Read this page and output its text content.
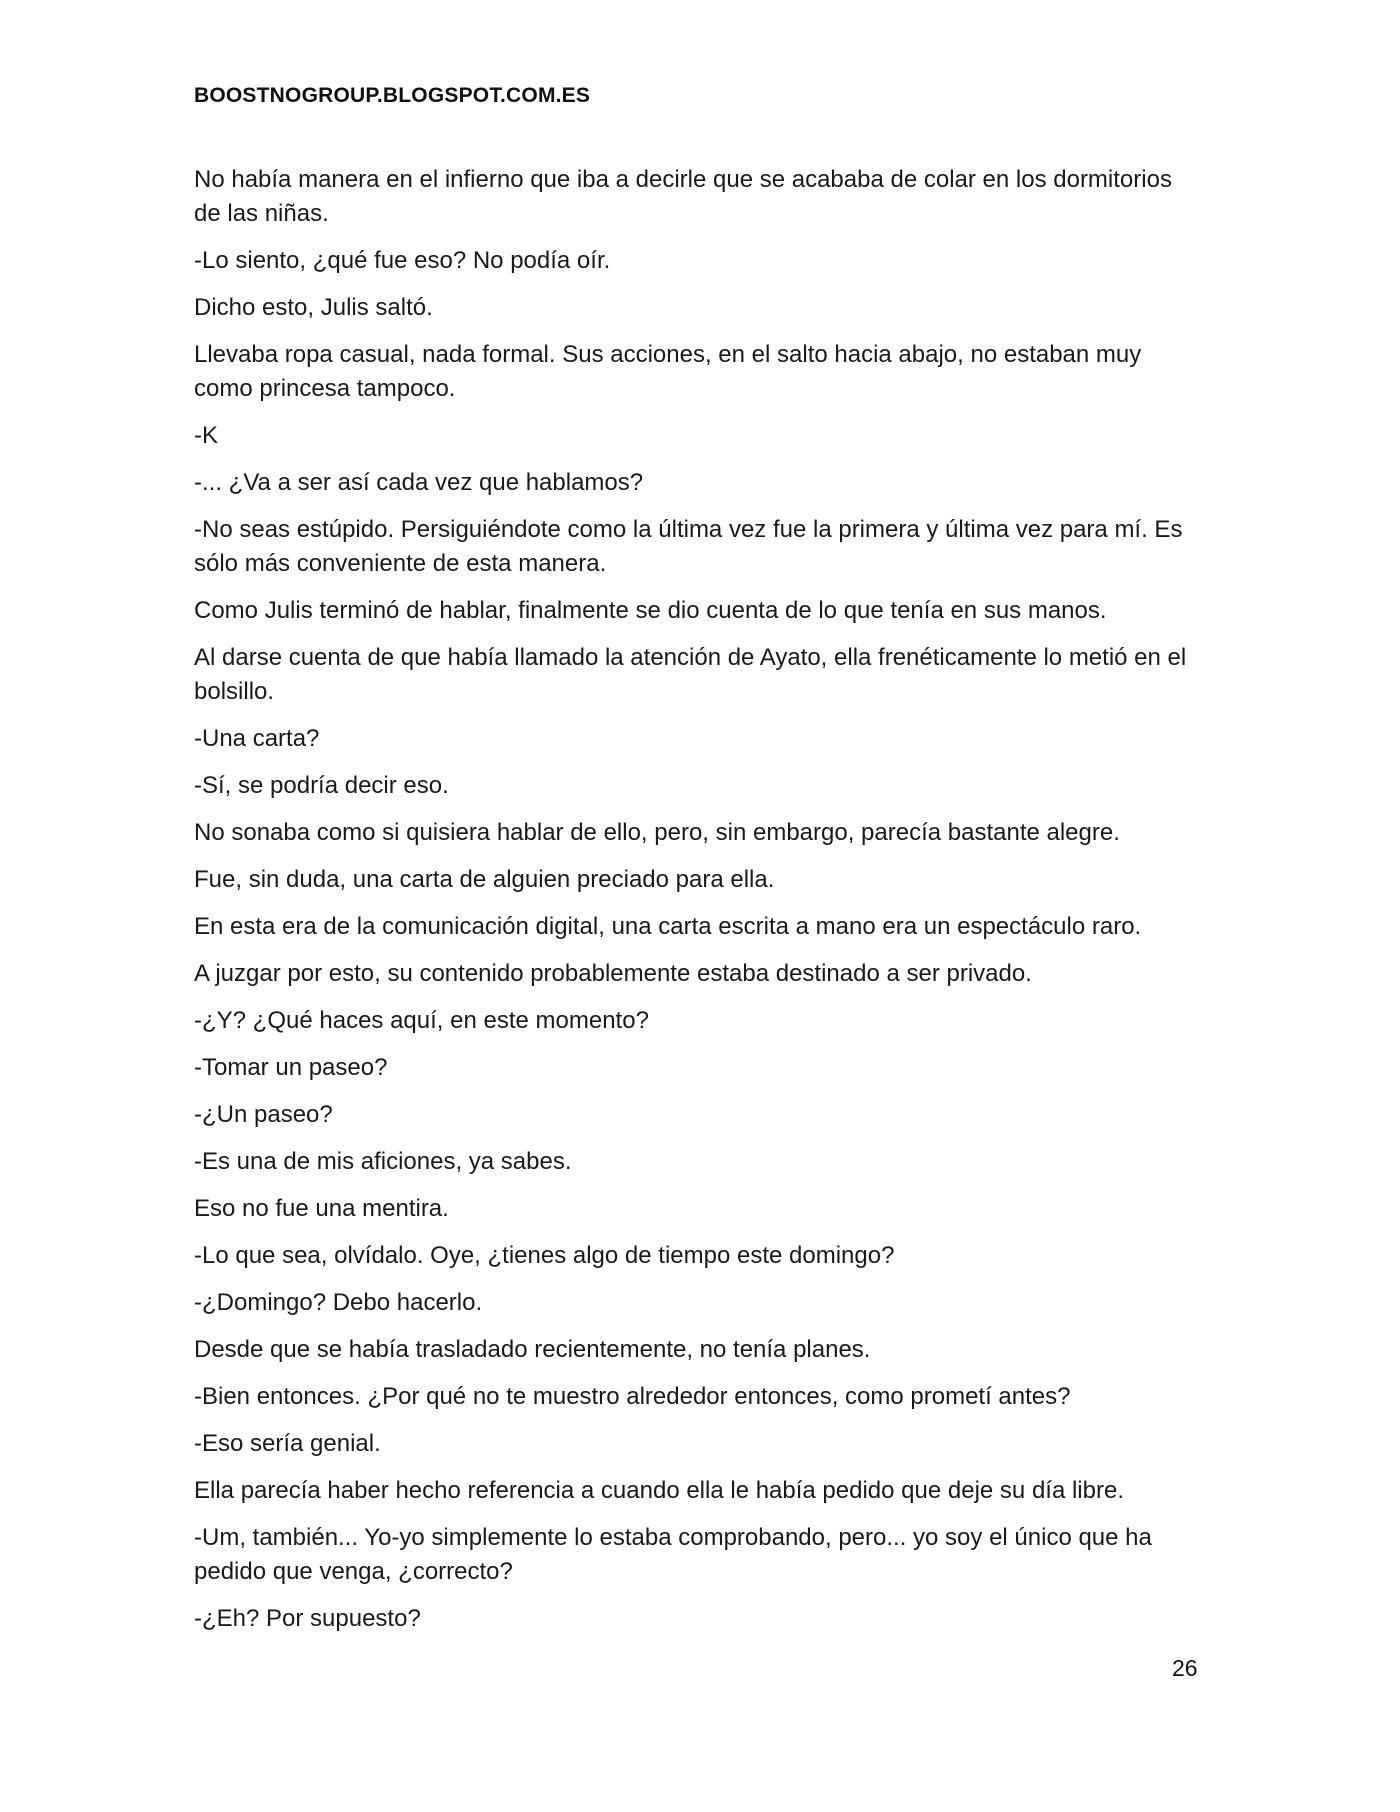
BOOSTNOGROUP.BLOGSPOT.COM.ES

No había manera en el infierno que iba a decirle que se acababa de colar en los dormitorios de las niñas.

-Lo siento, ¿qué fue eso? No podía oír.

Dicho esto, Julis saltó.

Llevaba ropa casual, nada formal. Sus acciones, en el salto hacia abajo, no estaban muy como princesa tampoco.

-K

-... ¿Va a ser así cada vez que hablamos?

-No seas estúpido. Persiguiéndote como la última vez fue la primera y última vez para mí. Es sólo más conveniente de esta manera.

Como Julis terminó de hablar, finalmente se dio cuenta de lo que tenía en sus manos.

Al darse cuenta de que había llamado la atención de Ayato, ella frenéticamente lo metió en el bolsillo.

-Una carta?

-Sí, se podría decir eso.

No sonaba como si quisiera hablar de ello, pero, sin embargo, parecía bastante alegre.

Fue, sin duda, una carta de alguien preciado para ella.

En esta era de la comunicación digital, una carta escrita a mano era un espectáculo raro.

A juzgar por esto, su contenido probablemente estaba destinado a ser privado.

-¿Y? ¿Qué haces aquí, en este momento?

-Tomar un paseo?

-¿Un paseo?

-Es una de mis aficiones, ya sabes.

Eso no fue una mentira.

-Lo que sea, olvídalo. Oye, ¿tienes algo de tiempo este domingo?

-¿Domingo? Debo hacerlo.

Desde que se había trasladado recientemente, no tenía planes.

-Bien entonces. ¿Por qué no te muestro alrededor entonces, como prometí antes?

-Eso sería genial.

Ella parecía haber hecho referencia a cuando ella le había pedido que deje su día libre.

-Um, también... Yo-yo simplemente lo estaba comprobando, pero... yo soy el único que ha pedido que venga, ¿correcto?

-¿Eh? Por supuesto?

26
